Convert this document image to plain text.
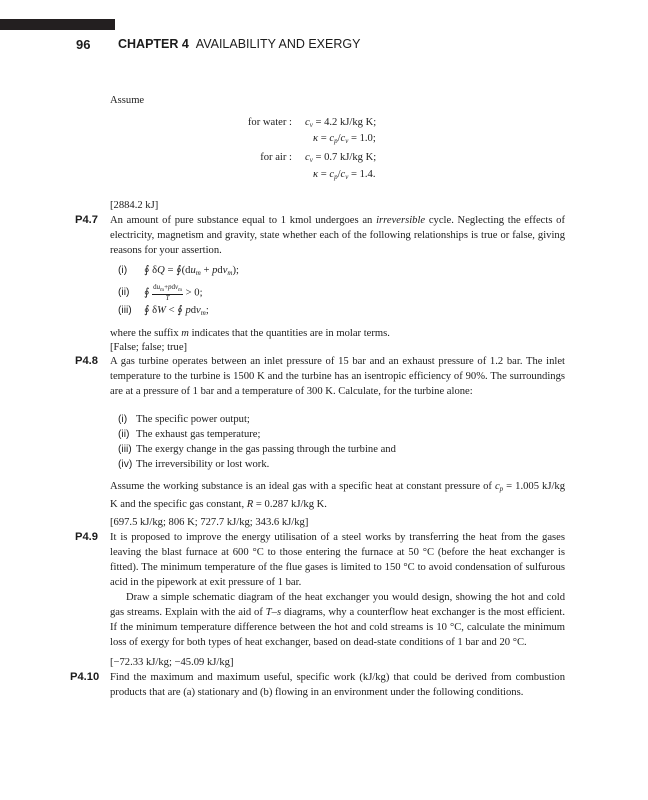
96 CHAPTER 4 AVAILABILITY AND EXERGY
Assume
for water : $c_v = 4.2$ kJ/kg K;
$\kappa = c_p/c_v = 1.0$;
for air : $c_v = 0.7$ kJ/kg K;
$\kappa = c_p/c_v = 1.4$.
[2884.2 kJ]
P4.7 An amount of pure substance equal to 1 kmol undergoes an irreversible cycle. Neglecting the effects of electricity, magnetism and gravity, state whether each of the following relationships is true or false, giving reasons for your assertion.
(i) ∮ $\delta Q = ∮(du_m + pdv_m)$;
(ii) ∮ $\frac{du_m+pdv_m}{T} > 0$;
(iii) ∮ δW < ∮ pdv$_m$;
where the suffix m indicates that the quantities are in molar terms.
[False; false; true]
P4.8 A gas turbine operates between an inlet pressure of 15 bar and an exhaust pressure of 1.2 bar. The inlet temperature to the turbine is 1500 K and the turbine has an isentropic efficiency of 90%. The surroundings are at a pressure of 1 bar and a temperature of 300 K. Calculate, for the turbine alone:
(i) The specific power output;
(ii) The exhaust gas temperature;
(iii) The exergy change in the gas passing through the turbine and
(iv) The irreversibility or lost work.
Assume the working substance is an ideal gas with a specific heat at constant pressure of $c_p = 1.005$ kJ/kg K and the specific gas constant, R = 0.287 kJ/kg K.
[697.5 kJ/kg; 806 K; 727.7 kJ/kg; 343.6 kJ/kg]
P4.9 It is proposed to improve the energy utilisation of a steel works by transferring the heat from the gases leaving the blast furnace at 600 °C to those entering the furnace at 50 °C (before the heat exchanger is fitted). The minimum temperature of the flue gases is limited to 150 °C to avoid condensation of sulfurous acid in the pipework at exit pressure of 1 bar.
Draw a simple schematic diagram of the heat exchanger you would design, showing the hot and cold gas streams. Explain with the aid of T–s diagrams, why a counterflow heat exchanger is the most efficient. If the minimum temperature difference between the hot and cold streams is 10 °C, calculate the minimum loss of exergy for both types of heat exchanger, based on dead-state conditions of 1 bar and 20 °C.
[−72.33 kJ/kg; −45.09 kJ/kg]
P4.10 Find the maximum and maximum useful, specific work (kJ/kg) that could be derived from combustion products that are (a) stationary and (b) flowing in an environment under the following conditions.
